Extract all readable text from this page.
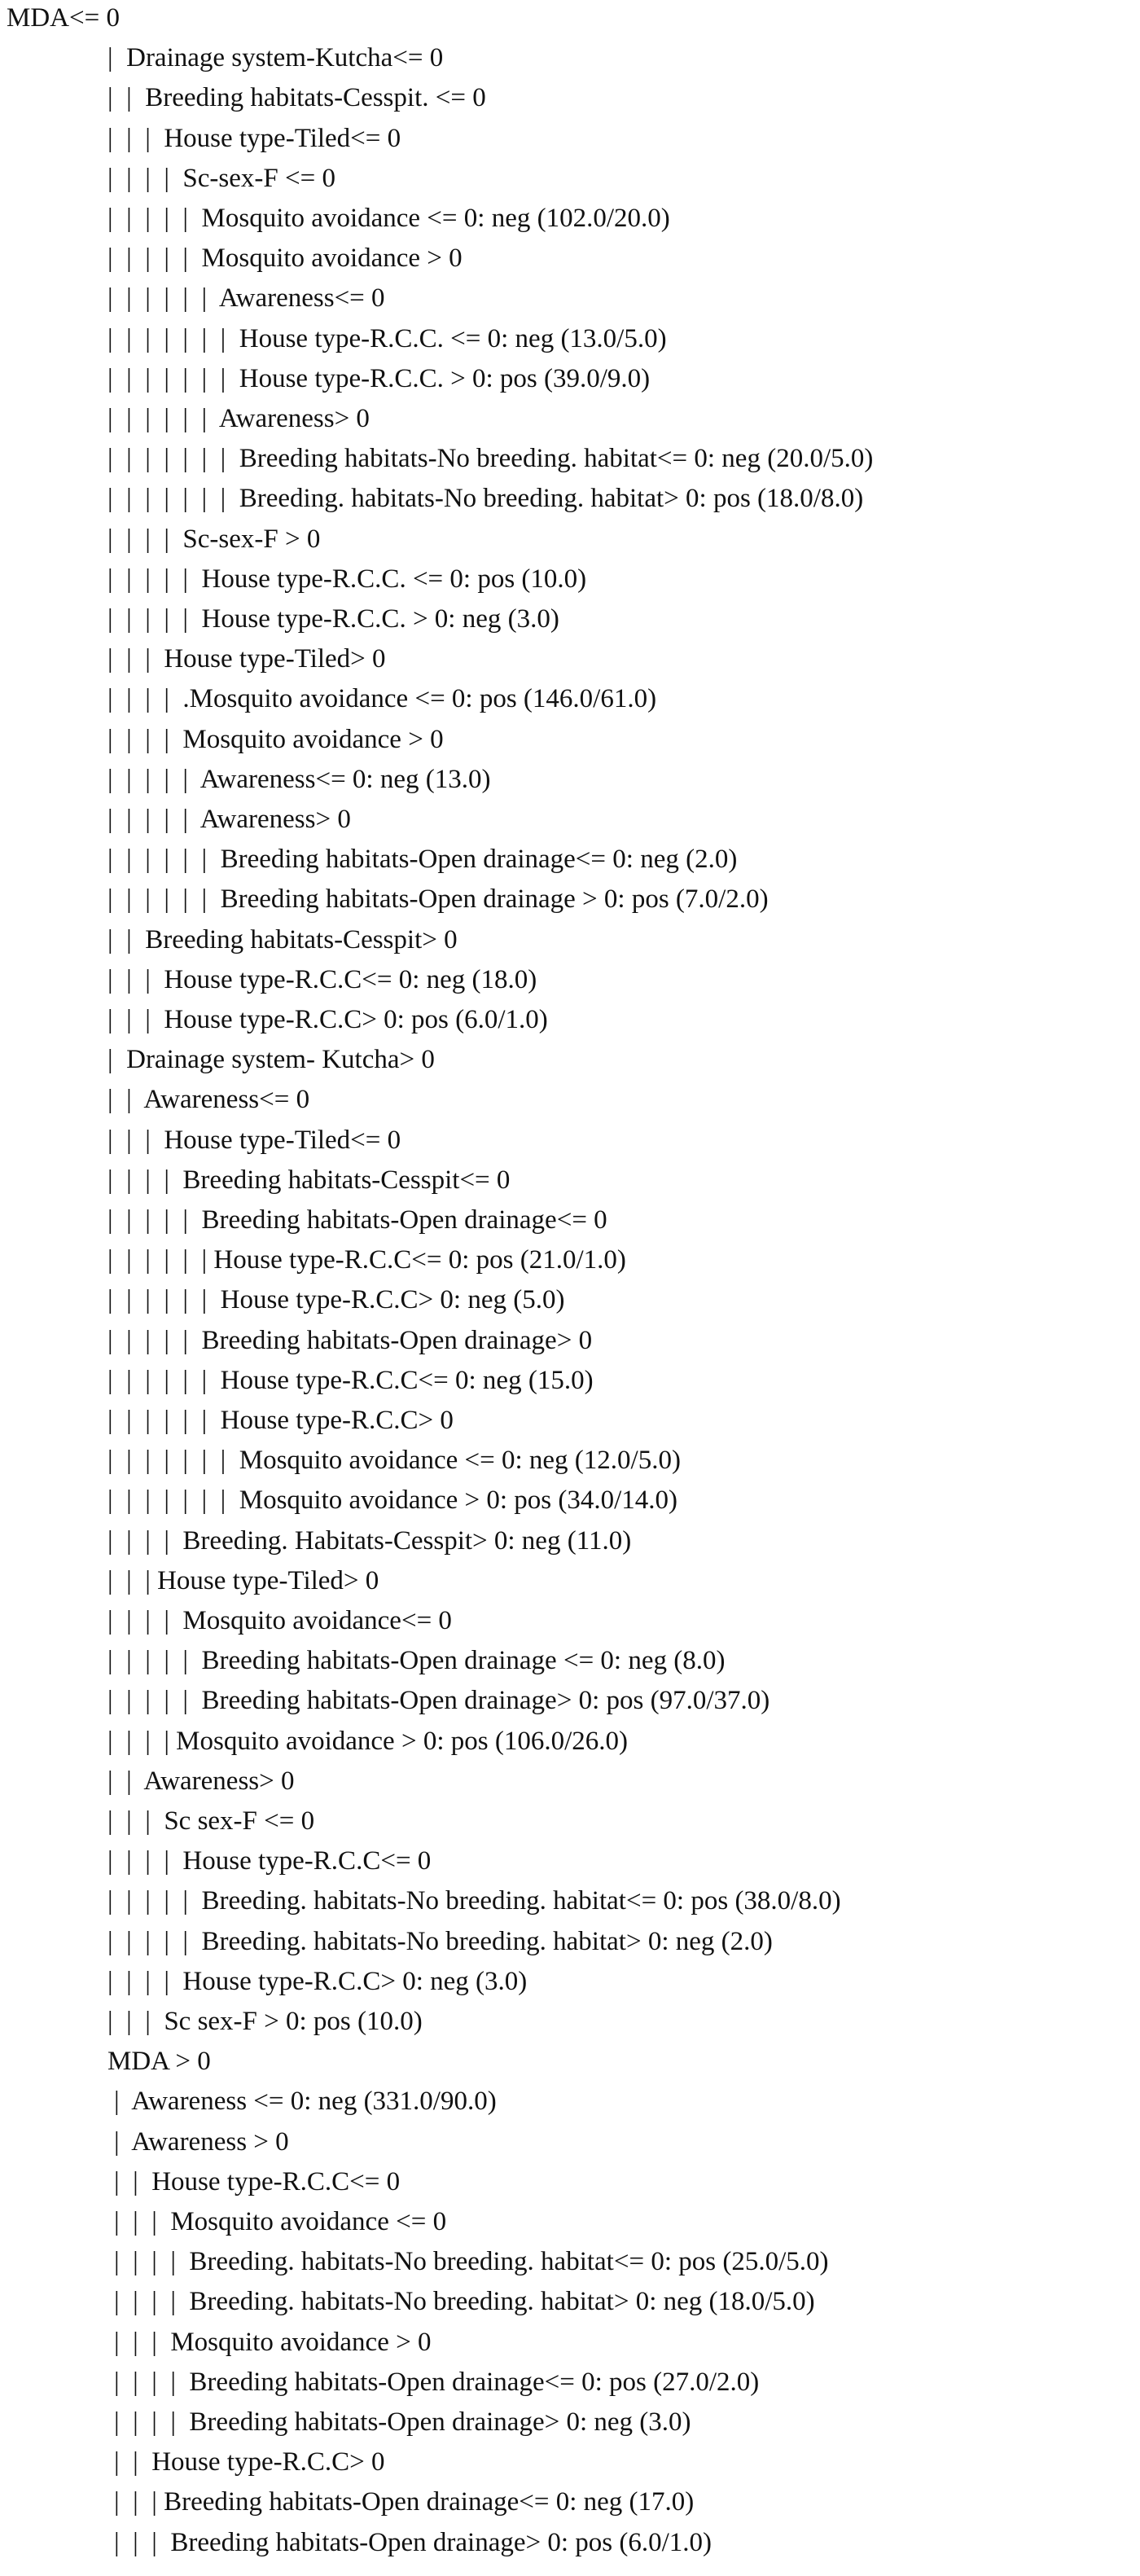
MDA<= 0
|  Drainage system-Kutcha<= 0
|  |  Breeding habitats-Cesspit. <= 0
|  |  |  House type-Tiled<= 0
|  |  |  |  Sc-sex-F <= 0
|  |  |  |  |  Mosquito avoidance <= 0: neg (102.0/20.0)
|  |  |  |  |  Mosquito avoidance > 0
|  |  |  |  |  |  Awareness<= 0
|  |  |  |  |  |  |  House type-R.C.C. <= 0: neg (13.0/5.0)
|  |  |  |  |  |  |  House type-R.C.C. > 0: pos (39.0/9.0)
|  |  |  |  |  |  Awareness> 0
|  |  |  |  |  |  |  Breeding habitats-No breeding. habitat<= 0: neg (20.0/5.0)
|  |  |  |  |  |  |  Breeding. habitats-No breeding. habitat> 0: pos (18.0/8.0)
|  |  |  |  Sc-sex-F > 0
|  |  |  |  |  House type-R.C.C. <= 0: pos (10.0)
|  |  |  |  |  House type-R.C.C. > 0: neg (3.0)
|  |  |  House type-Tiled> 0
|  |  |  |  .Mosquito avoidance <= 0: pos (146.0/61.0)
|  |  |  |  Mosquito avoidance > 0
|  |  |  |  |  Awareness<= 0: neg (13.0)
|  |  |  |  |  Awareness> 0
|  |  |  |  |  |  Breeding habitats-Open drainage<= 0: neg (2.0)
|  |  |  |  |  |  Breeding habitats-Open drainage > 0: pos (7.0/2.0)
|  |  Breeding habitats-Cesspit> 0
|  |  |  House type-R.C.C<= 0: neg (18.0)
|  |  |  House type-R.C.C> 0: pos (6.0/1.0)
|  Drainage system- Kutcha> 0
|  |  Awareness<= 0
|  |  |  House type-Tiled<= 0
|  |  |  |  Breeding habitats-Cesspit<= 0
|  |  |  |  |  Breeding habitats-Open drainage<= 0
|  |  |  |  |  | House type-R.C.C<= 0: pos (21.0/1.0)
|  |  |  |  |  |  House type-R.C.C> 0: neg (5.0)
|  |  |  |  |  Breeding habitats-Open drainage> 0
|  |  |  |  |  |  House type-R.C.C<= 0: neg (15.0)
|  |  |  |  |  |  House type-R.C.C> 0
|  |  |  |  |  |  |  Mosquito avoidance <= 0: neg (12.0/5.0)
|  |  |  |  |  |  |  Mosquito avoidance > 0: pos (34.0/14.0)
|  |  |  |  Breeding. Habitats-Cesspit> 0: neg (11.0)
|  |  | House type-Tiled> 0
|  |  |  |  Mosquito avoidance<= 0
|  |  |  |  |  Breeding habitats-Open drainage <= 0: neg (8.0)
|  |  |  |  |  Breeding habitats-Open drainage> 0: pos (97.0/37.0)
|  |  |  | Mosquito avoidance > 0: pos (106.0/26.0)
|  |  Awareness> 0
|  |  |  Sc sex-F <= 0
|  |  |  |  House type-R.C.C<= 0
|  |  |  |  |  Breeding. habitats-No breeding. habitat<= 0: pos (38.0/8.0)
|  |  |  |  |  Breeding. habitats-No breeding. habitat> 0: neg (2.0)
|  |  |  |  House type-R.C.C> 0: neg (3.0)
|  |  |  Sc sex-F > 0: pos (10.0)
MDA > 0
|  Awareness <= 0: neg (331.0/90.0)
|  Awareness > 0
|  |  House type-R.C.C<= 0
|  |  |  Mosquito avoidance <= 0
|  |  |  |  Breeding. habitats-No breeding. habitat<= 0: pos (25.0/5.0)
|  |  |  |  Breeding. habitats-No breeding. habitat> 0: neg (18.0/5.0)
|  |  |  Mosquito avoidance > 0
|  |  |  |  Breeding habitats-Open drainage<= 0: pos (27.0/2.0)
|  |  |  |  Breeding habitats-Open drainage> 0: neg (3.0)
|  |  House type-R.C.C> 0
|  |  | Breeding habitats-Open drainage<= 0: neg (17.0)
|  |  |  Breeding habitats-Open drainage> 0: pos (6.0/1.0)
